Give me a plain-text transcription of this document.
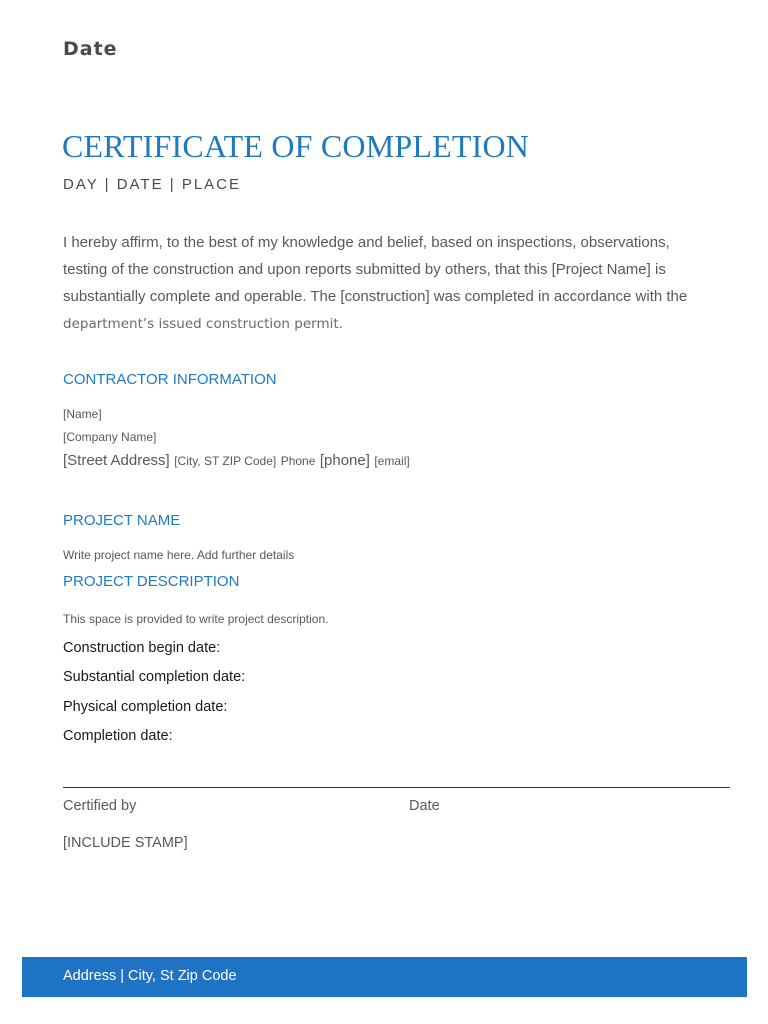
Date
CERTIFICATE OF COMPLETION
DAY | DATE | PLACE
I hereby affirm, to the best of my knowledge and belief, based on inspections, observations, testing of the construction and upon reports submitted by others, that this [Project Name] is substantially complete and operable. The [construction] was completed in accordance with the department’s issued construction permit.
CONTRACTOR INFORMATION
[Name]
[Company Name]
[Street Address] [City, ST ZIP Code] Phone [phone] [email]
PROJECT NAME
Write project name here. Add further details
PROJECT DESCRIPTION
This space is provided to write project description.
Construction begin date:
Substantial completion date:
Physical completion date:
Completion date:
Certified by	Date
[INCLUDE STAMP]
Address | City, St Zip Code
